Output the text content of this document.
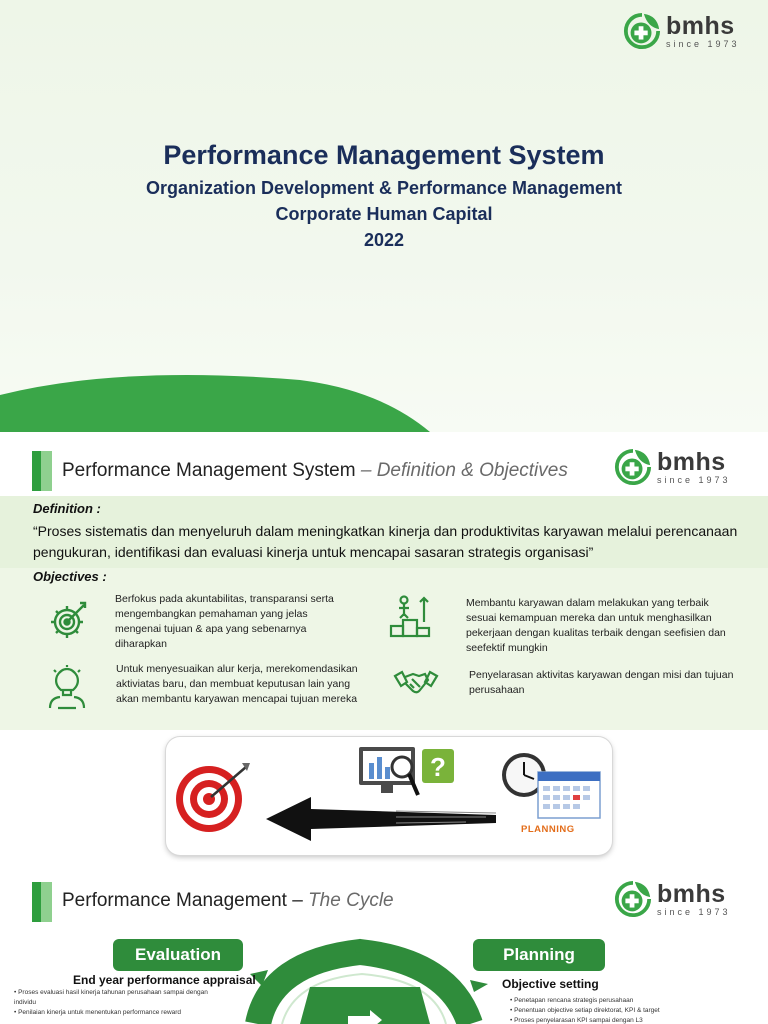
bmhs
since 1973
Performance Management System
Organization Development & Performance Management
Corporate Human Capital
2022
Performance Management System – Definition & Objectives	bmhs
since 1973
Definition :
“Proses sistematis dan menyeluruh dalam meningkatkan kinerja dan produktivitas karyawan melalui perencanaan pengukuran, identifikasi dan evaluasi kinerja untuk mencapai sasaran strategis organisasi”
Objectives :
Berfokus pada akuntabilitas, transparansi serta mengembangkan pemahaman yang jelas mengenai tujuan & apa yang sebenarnya diharapkan
Membantu karyawan dalam melakukan yang terbaik sesuai kemampuan mereka dan untuk menghasilkan pekerjaan dengan kualitas terbaik dengan seefisien dan seefektif mungkin
Untuk menyesuaikan alur kerja, merekomendasikan aktiviatas baru, dan membuat keputusan lain yang akan membantu karyawan mencapai tujuan mereka
Penyelarasan aktivitas karyawan dengan misi dan tujuan perusahaan
?
PLANNING
Performance Management – The Cycle	bmhs
since 1973
Evaluation
End year performance appraisal
• Proses evaluasi hasil kinerja tahunan perusahaan sampai dengan individu
• Penilaian kinerja untuk menentukan performance reward
Planning
Objective setting
• Penetapan rencana strategis perusahaan
• Penentuan objective setiap direktorat, KPI & target
• Proses penyelarasan KPI sampai dengan L3
